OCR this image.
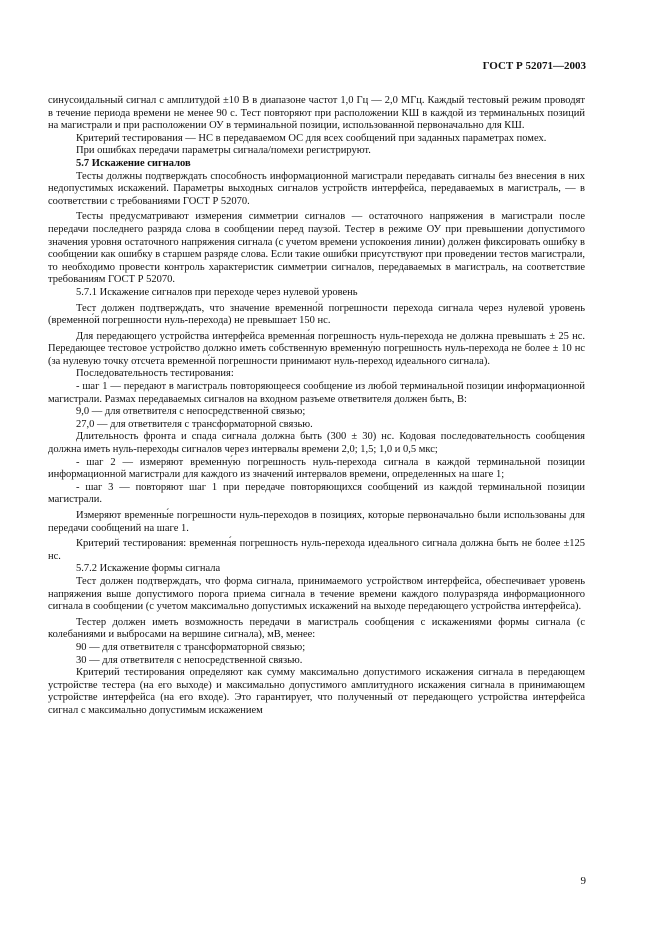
ГОСТ Р 52071—2003

синусоидальный сигнал с амплитудой ±10 В в диапазоне частот 1,0 Гц — 2,0 МГц. Каждый тестовый режим проводят в течение периода времени не менее 90 с. Тест повторяют при расположении КШ в каждой из терминальных позиций на магистрали и при расположении ОУ в терминальной позиции, использованной первоначально для КШ.

Критерий тестирования — НС в передаваемом ОС для всех сообщений при заданных параметрах помех.

При ошибках передачи параметры сигнала/помехи регистрируют.

5.7 Искажение сигналов

Тесты должны подтверждать способность информационной магистрали передавать сигналы без внесения в них недопустимых искажений. Параметры выходных сигналов устройств интерфейса, передаваемых в магистраль, — в соответствии с требованиями ГОСТ Р 52070.

Тесты предусматривают измерения симметрии сигналов — остаточного напряжения в магистрали после передачи последнего разряда слова в сообщении перед паузой. Тестер в режиме ОУ при превышении допустимого значения уровня остаточного напряжения сигнала (с учетом времени успокоения линии) должен фиксировать ошибку в сообщении как ошибку в старшем разряде слова. Если такие ошибки присутствуют при проведении тестов магистрали, то необходимо провести контроль характеристик симметрии сигналов, передаваемых в магистраль, на соответствие требованиям ГОСТ Р 52070.

5.7.1 Искажение сигналов при переходе через нулевой уровень

Тест должен подтверждать, что значение временно́й погрешности перехода сигнала через нулевой уровень (временно́й погрешности нуль-перехода) не превышает 150 нс.

Для передающего устройства интерфейса временна́я погрешность нуль-перехода не должна превышать ± 25 нс. Передающее тестовое устройство должно иметь собственную временну́ю погрешность нуль-перехода не более ± 10 нс (за нулевую точку отсчета временно́й погрешности принимают нуль-переход идеального сигнала).

Последовательность тестирования:

- шаг 1 — передают в магистраль повторяющееся сообщение из любой терминальной позиции информационной магистрали. Размах передаваемых сигналов на входном разъеме ответвителя должен быть, В:

9,0 — для ответвителя с непосредственной связью;

27,0 — для ответвителя с трансформаторной связью.

Длительность фронта и спада сигнала должна быть (300 ± 30) нс. Кодовая последовательность сообщения должна иметь нуль-переходы сигналов через интервалы времени 2,0; 1,5; 1,0 и 0,5 мкс;

- шаг 2 — измеряют временну́ю погрешность нуль-перехода сигнала в каждой терминальной позиции информационной магистрали для каждого из значений интервалов времени, определенных на шаге 1;

- шаг 3 — повторяют шаг 1 при передаче повторяющихся сообщений из каждой терминальной позиции магистрали.

Измеряют временны́е погрешности нуль-переходов в позициях, которые первоначально были использованы для передачи сообщений на шаге 1.

Критерий тестирования: временна́я погрешность нуль-перехода идеального сигнала должна быть не более ±125 нс.

5.7.2 Искажение формы сигнала

Тест должен подтверждать, что форма сигнала, принимаемого устройством интерфейса, обеспечивает уровень напряжения выше допустимого порога приема сигнала в течение времени каждого полуразряда информационного сигнала в сообщении (с учетом максимально допустимых искажений на выходе передающего устройства интерфейса).

Тестер должен иметь возможность передачи в магистраль сообщения с искажениями формы сигнала (с колебаниями и выбросами на вершине сигнала), мВ, менее:

90 — для ответвителя с трансформаторной связью;

30 — для ответвителя с непосредственной связью.

Критерий тестирования определяют как сумму максимально допустимого искажения сигнала в передающем устройстве тестера (на его выходе) и максимально допустимого амплитудного искажения сигнала в принимающем устройстве интерфейса (на его входе). Это гарантирует, что полученный от передающего устройства интерфейса сигнал с максимально допустимым искажением

9
